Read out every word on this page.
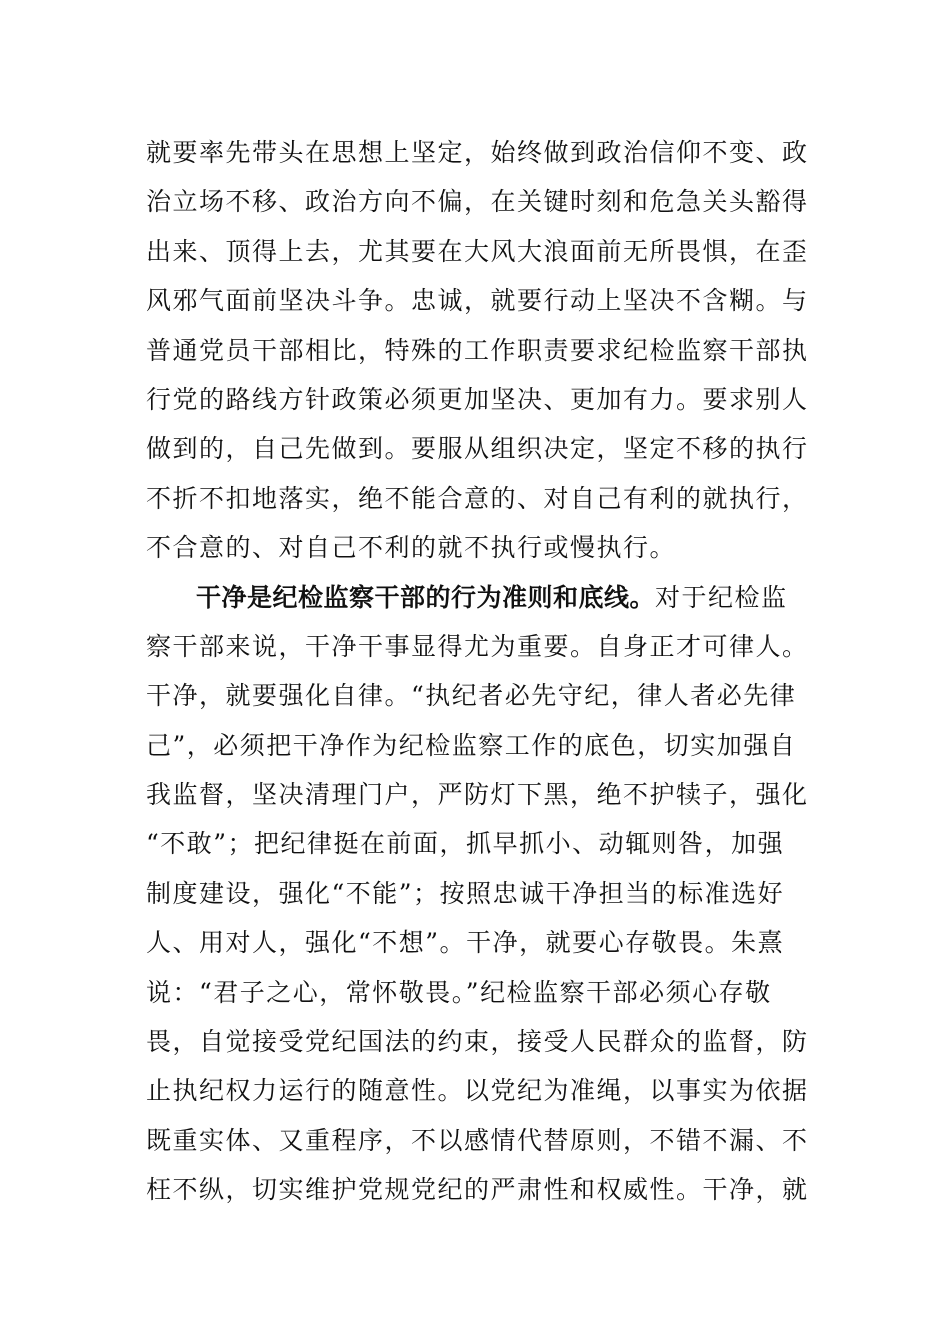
就要率先带头在思想上坚定，始终做到政治信仰不变、政
治立场不移、政治方向不偏，在关键时刻和危急关头豁得
出来、顶得上去，尤其要在大风大浪面前无所畏惧，在歪
风邪气面前坚决斗争。忠诚，就要行动上坚决不含糊。与
普通党员干部相比，特殊的工作职责要求纪检监察干部执
行党的路线方针政策必须更加坚决、更加有力。要求别人
做到的，自己先做到。要服从组织决定，坚定不移的执行
不折不扣地落实，绝不能合意的、对自己有利的就执行，
不合意的、对自己不利的就不执行或慢执行。
干净是纪检监察干部的行为准则和底线。对于纪检监
察干部来说，干净干事显得尤为重要。自身正才可律人。
干净，就要强化自律。“执纪者必先守纪，律人者必先律
己”，必须把干净作为纪检监察工作的底色，切实加强自
我监督，坚决清理门户，严防灯下黑，绝不护犊子，强化
“不敢”；把纪律挺在前面，抓早抓小、动辄则咎，加强
制度建设，强化“不能”；按照忠诚干净担当的标准选好
人、用对人，强化“不想”。干净，就要心存敬畏。朱熹
说：“君子之心，常怀敬畏。”纪检监察干部必须心存敬
畏，自觉接受党纪国法的约束，接受人民群众的监督，防
止执纪权力运行的随意性。以党纪为准绳，以事实为依据
既重实体、又重程序，不以感情代替原则，不错不漏、不
枉不纵，切实维护党规党纪的严肃性和权威性。干净，就
